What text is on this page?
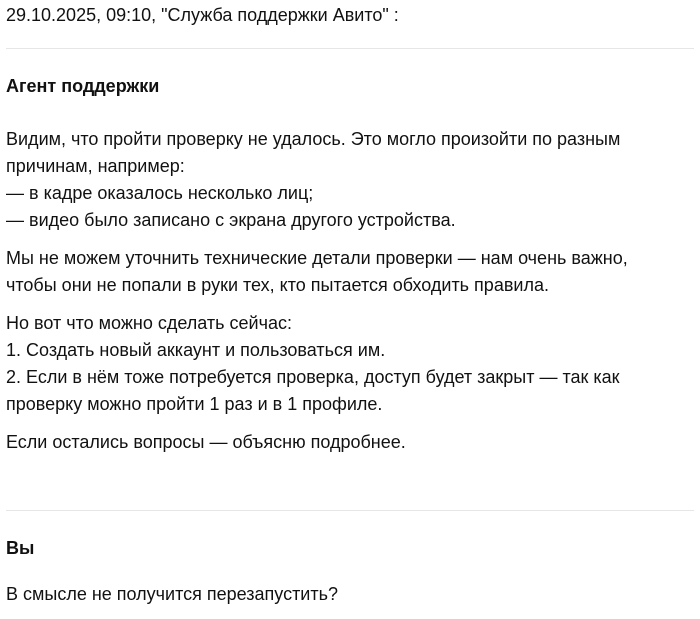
29.10.2025, 09:10, "Служба поддержки Авито" :
Агент поддержки

Видим, что пройти проверку не удалось. Это могло произойти по разным
причинам, например:
— в кадре оказалось несколько лиц;
— видео было записано с экрана другого устройства.

Мы не можем уточнить технические детали проверки — нам очень важно,
чтобы они не попали в руки тех, кто пытается обходить правила.

Но вот что можно сделать сейчас:
1. Создать новый аккаунт и пользоваться им.
2. Если в нём тоже потребуется проверка, доступ будет закрыт — так как
проверку можно пройти 1 раз и в 1 профиле.

Если остались вопросы — объясню подробнее.

Вы

В смысле не получится перезапустить?
